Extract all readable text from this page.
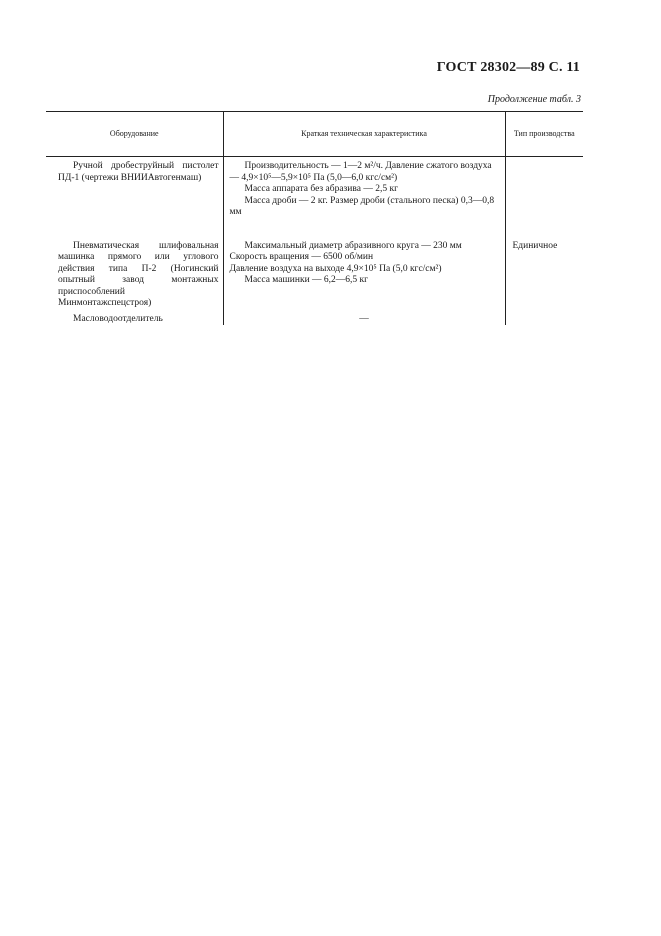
ГОСТ 28302—89 С. 11
Продолжение табл. 3
Оборудование	Краткая техническая характеристика	Тип производства

Ручной дробеструйный пистолет ПД-1 (чертежи ВНИИАвтогенмаш)	Производительность — 1—2 м²/ч. Давление сжатого воздуха — 4,9×10⁵—5,9×10⁵ Па (5,0—6,0 кгс/см²)

Масса аппарата без абразива — 2,5 кг

Масса дроби — 2 кг. Размер дроби (стального песка) 0,3—0,8 мм	

Пневматическая шлифовальная машинка прямого или углового действия типа П-2 (Ногинский опытный завод монтажных приспособлений Минмонтажспецстроя)	Максимальный диаметр абразивного круга — 230 мм

Скорость вращения — 6500 об/мин

Давление воздуха на выходе 4,9×10⁵ Па (5,0 кгс/см²)

Масса машинки — 6,2—6,5 кг	Единичное

Масловодоотделитель	—	
